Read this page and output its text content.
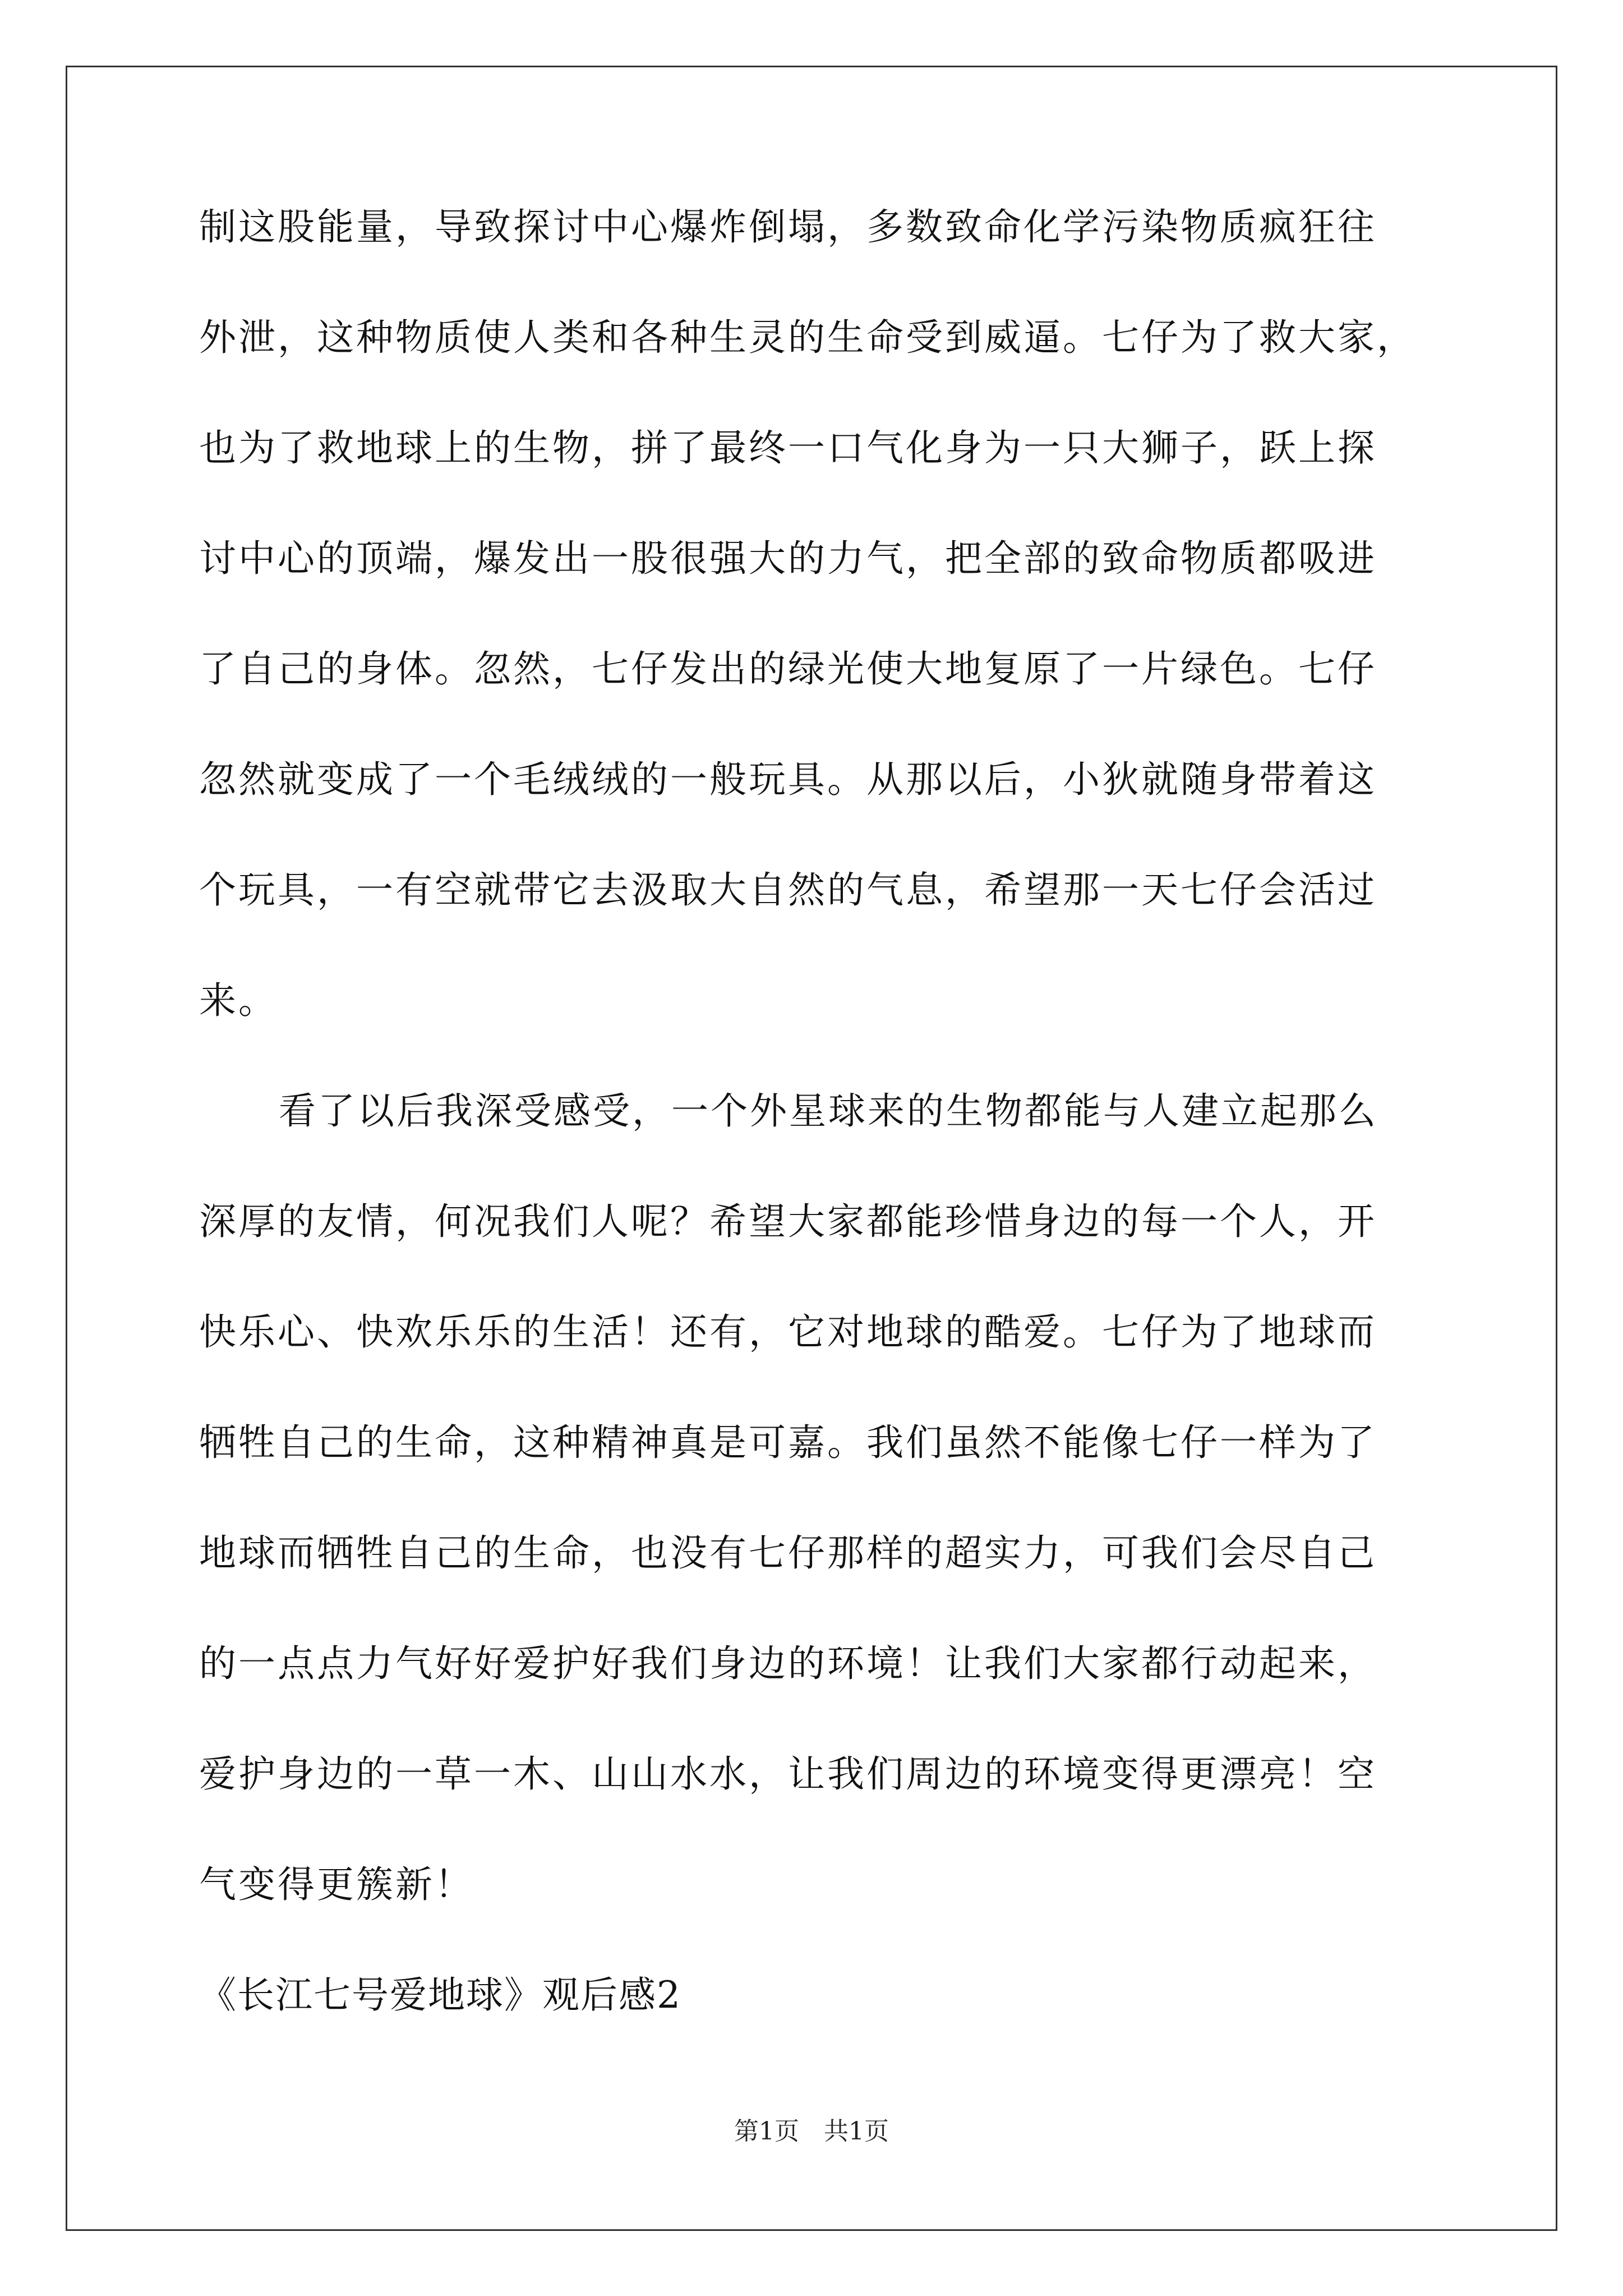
制这股能量，导致探讨中心爆炸倒塌，多数致命化学污染物质疯狂往
外泄，这种物质使人类和各种生灵的生命受到威逼。七仔为了救大家，
也为了救地球上的生物，拼了最终一口气化身为一只大狮子，跃上探
讨中心的顶端，爆发出一股很强大的力气，把全部的致命物质都吸进
了自己的身体。忽然，七仔发出的绿光使大地复原了一片绿色。七仔
忽然就变成了一个毛绒绒的一般玩具。从那以后，小狄就随身带着这
个玩具，一有空就带它去汲取大自然的气息，希望那一天七仔会活过
来。
看了以后我深受感受，一个外星球来的生物都能与人建立起那么
深厚的友情，何况我们人呢？希望大家都能珍惜身边的每一个人，开
快乐心、快欢乐乐的生活！还有，它对地球的酷爱。七仔为了地球而
牺牲自己的生命，这种精神真是可嘉。我们虽然不能像七仔一样为了
地球而牺牲自己的生命，也没有七仔那样的超实力，可我们会尽自己
的一点点力气好好爱护好我们身边的环境！让我们大家都行动起来，
爱护身边的一草一木、山山水水，让我们周边的环境变得更漂亮！空
气变得更簇新！
《长江七号爱地球》观后感2
第1页　共1页
